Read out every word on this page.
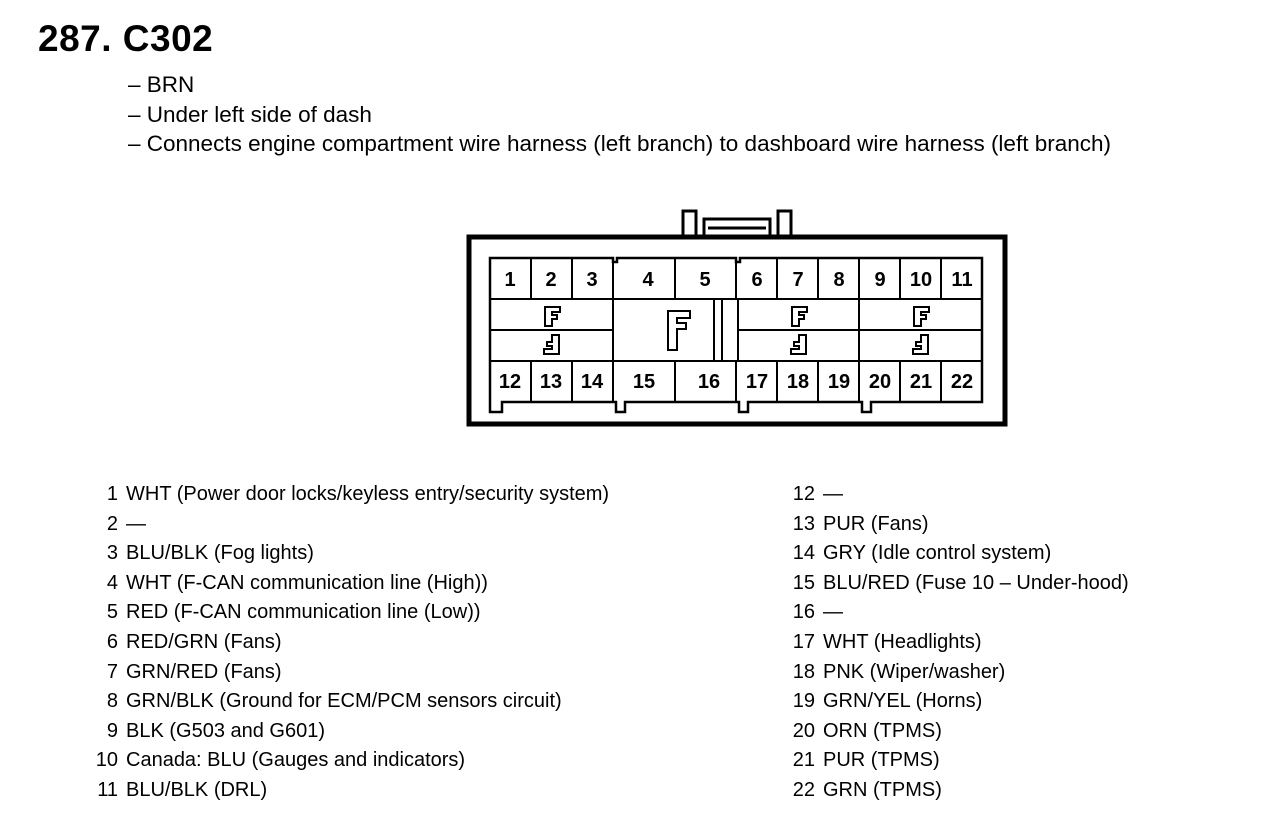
287. C302
– BRN
– Under left side of dash
– Connects engine compartment wire harness (left branch) to dashboard wire harness (left branch)
1 2 3 4 5 6 7 8 9 10 11
12 13 14 15 16 17 18 19 20 21 22
1 WHT (Power door locks/keyless entry/security system)
2 —
3 BLU/BLK (Fog lights)
4 WHT (F-CAN communication line (High))
5 RED (F-CAN communication line (Low))
6 RED/GRN (Fans)
7 GRN/RED (Fans)
8 GRN/BLK (Ground for ECM/PCM sensors circuit)
9 BLK (G503 and G601)
10 Canada: BLU (Gauges and indicators)
11 BLU/BLK (DRL)
12 —
13 PUR (Fans)
14 GRY (Idle control system)
15 BLU/RED (Fuse 10 – Under-hood)
16 —
17 WHT (Headlights)
18 PNK (Wiper/washer)
19 GRN/YEL (Horns)
20 ORN (TPMS)
21 PUR (TPMS)
22 GRN (TPMS)
